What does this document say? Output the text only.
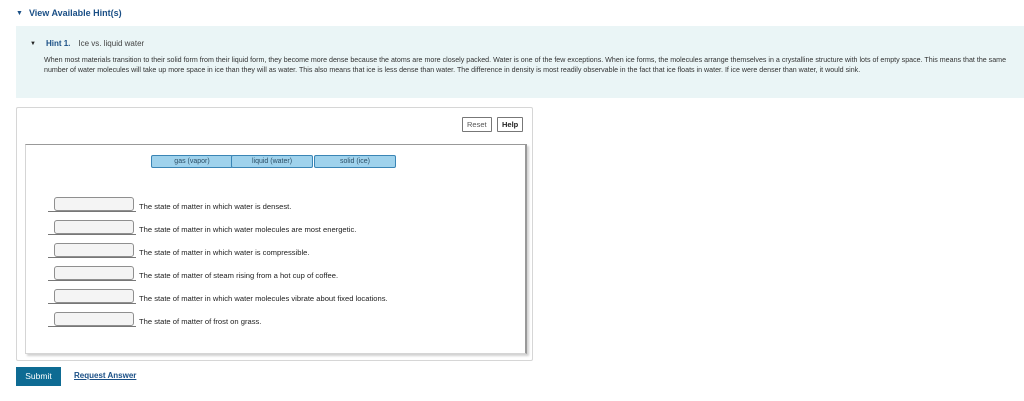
▼ View Available Hint(s)
▼ Hint 1. Ice vs. liquid water
When most materials transition to their solid form from their liquid form, they become more dense because the atoms are more closely packed. Water is one of the few exceptions. When ice forms, the molecules arrange themselves in a crystalline structure with lots of empty space. This means that the same number of water molecules will take up more space in ice than they will as water. This also means that ice is less dense than water. The difference in density is most readily observable in the fact that ice floats in water. If ice were denser than water, it would sink.
Reset	Help
gas (vapor)	liquid (water)	solid (ice)
The state of matter in which water is densest.
The state of matter in which water molecules are most energetic.
The state of matter in which water is compressible.
The state of matter of steam rising from a hot cup of coffee.
The state of matter in which water molecules vibrate about fixed locations.
The state of matter of frost on grass.
Submit	Request Answer
